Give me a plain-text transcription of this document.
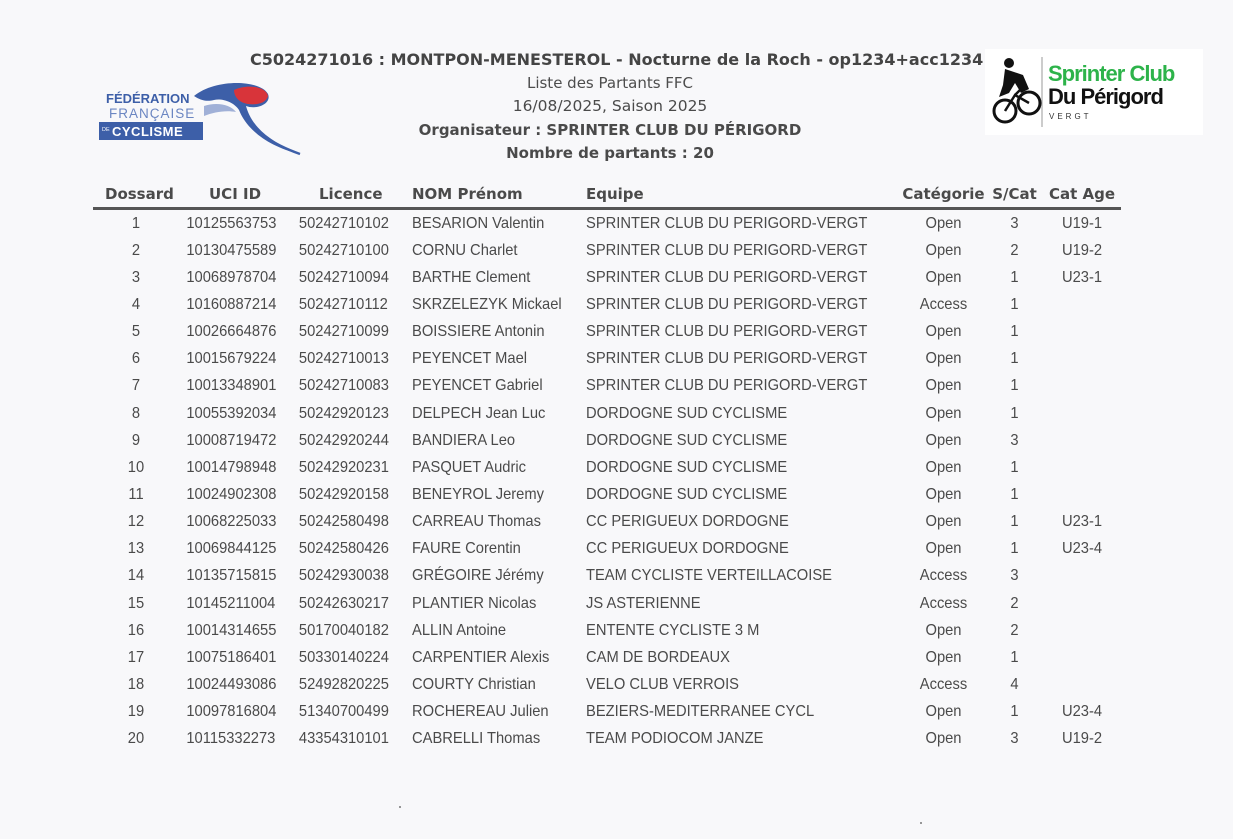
FÉDÉRATION
FRANÇAISE
DE CYCLISME
C5024271016 : MONTPON-MENESTEROL - Nocturne de la Roch - op1234+acc1234
Liste des Partants FFC
16/08/2025, Saison 2025
Organisateur : SPRINTER CLUB DU PÉRIGORD
Nombre de partants : 20
Sprinter Club
Du Périgord
VERGT
Dossard	UCI ID	Licence	NOM Prénom	Equipe	Catégorie	S/Cat	Cat Age
1	10125563753	50242710102	BESARION Valentin	SPRINTER CLUB DU PERIGORD-VERGT	Open	3	U19-1
2	10130475589	50242710100	CORNU Charlet	SPRINTER CLUB DU PERIGORD-VERGT	Open	2	U19-2
3	10068978704	50242710094	BARTHE Clement	SPRINTER CLUB DU PERIGORD-VERGT	Open	1	U23-1
4	10160887214	50242710112	SKRZELEZYK Mickael	SPRINTER CLUB DU PERIGORD-VERGT	Access	1	
5	10026664876	50242710099	BOISSIERE Antonin	SPRINTER CLUB DU PERIGORD-VERGT	Open	1	
6	10015679224	50242710013	PEYENCET Mael	SPRINTER CLUB DU PERIGORD-VERGT	Open	1	
7	10013348901	50242710083	PEYENCET Gabriel	SPRINTER CLUB DU PERIGORD-VERGT	Open	1	
8	10055392034	50242920123	DELPECH Jean Luc	DORDOGNE SUD CYCLISME	Open	1	
9	10008719472	50242920244	BANDIERA Leo	DORDOGNE SUD CYCLISME	Open	3	
10	10014798948	50242920231	PASQUET Audric	DORDOGNE SUD CYCLISME	Open	1	
11	10024902308	50242920158	BENEYROL Jeremy	DORDOGNE SUD CYCLISME	Open	1	
12	10068225033	50242580498	CARREAU Thomas	CC PERIGUEUX DORDOGNE	Open	1	U23-1
13	10069844125	50242580426	FAURE Corentin	CC PERIGUEUX DORDOGNE	Open	1	U23-4
14	10135715815	50242930038	GRÉGOIRE Jérémy	TEAM CYCLISTE VERTEILLACOISE	Access	3	
15	10145211004	50242630217	PLANTIER Nicolas	JS ASTERIENNE	Access	2	
16	10014314655	50170040182	ALLIN Antoine	ENTENTE CYCLISTE 3 M	Open	2	
17	10075186401	50330140224	CARPENTIER Alexis	CAM DE BORDEAUX	Open	1	
18	10024493086	52492820225	COURTY Christian	VELO CLUB VERROIS	Access	4	
19	10097816804	51340700499	ROCHEREAU Julien	BEZIERS-MEDITERRANEE CYCL	Open	1	U23-4
20	10115332273	43354310101	CABRELLI Thomas	TEAM PODIOCOM JANZE	Open	3	U19-2
